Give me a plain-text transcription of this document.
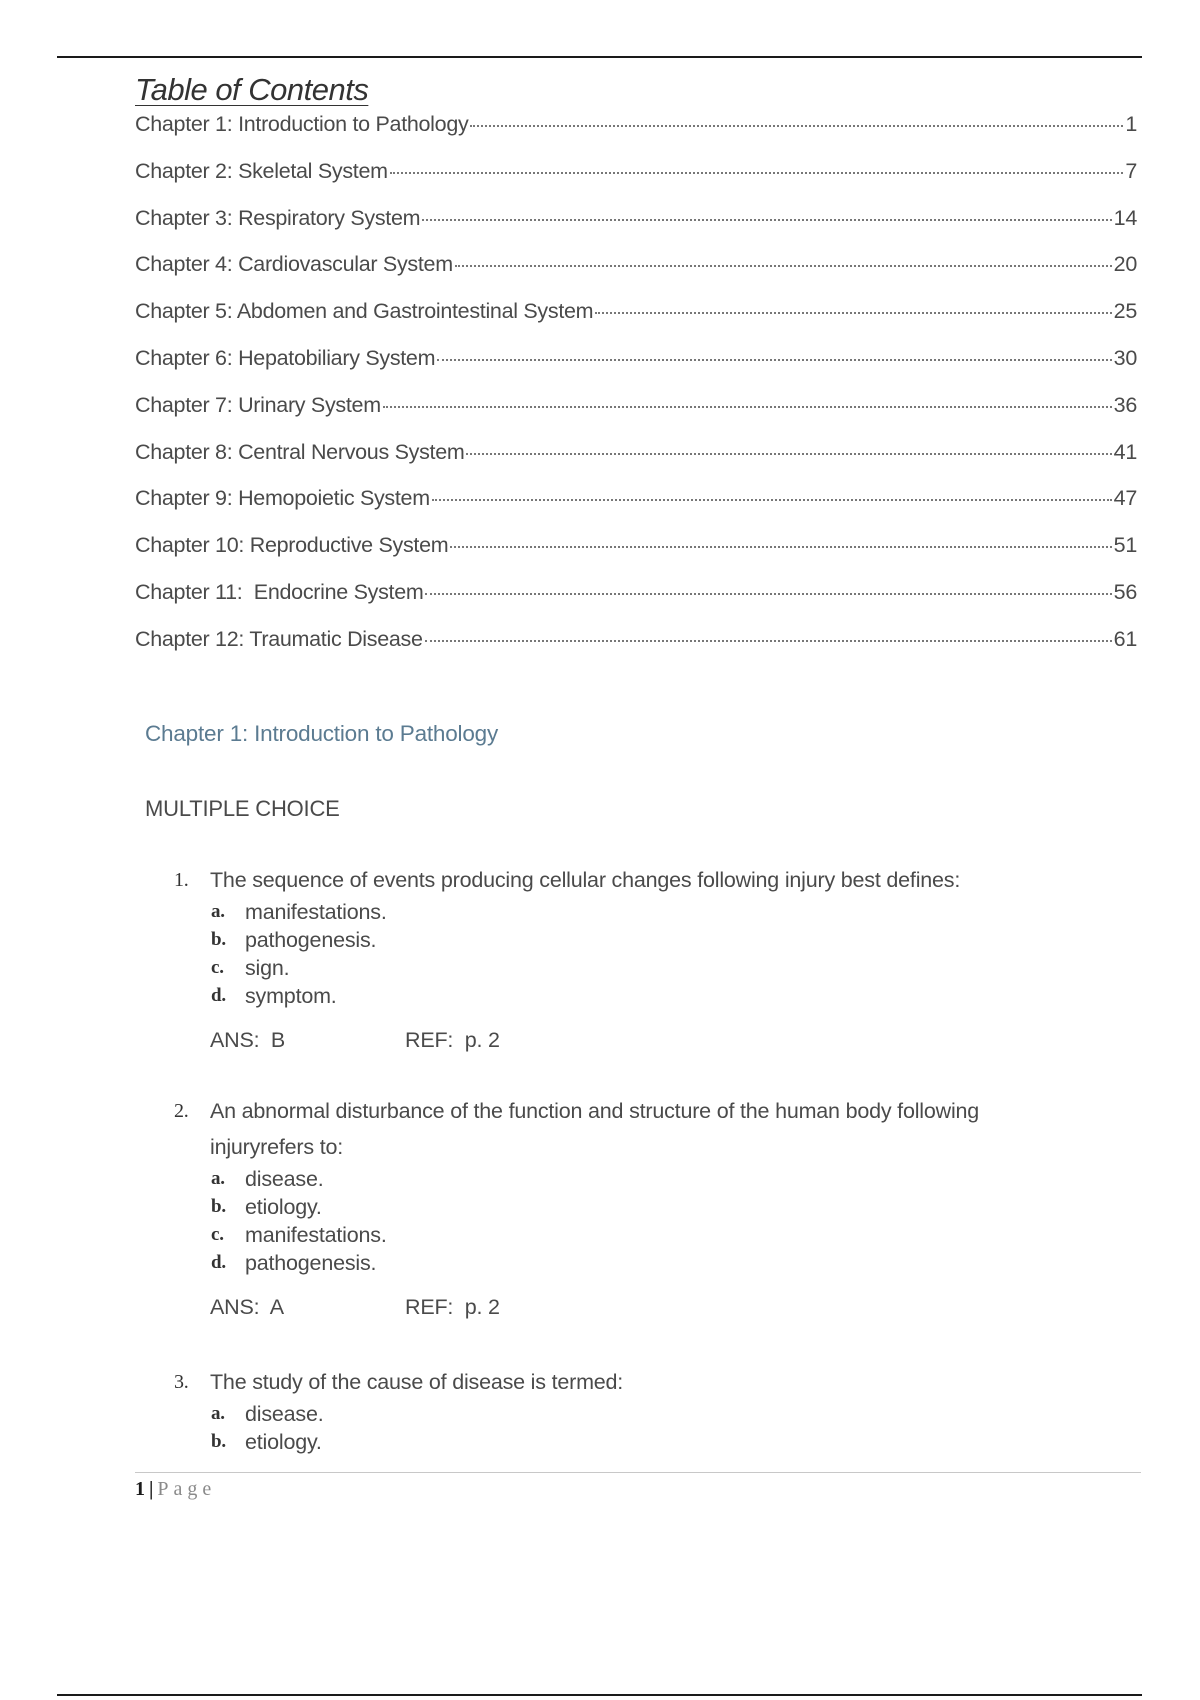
Table of Contents
Chapter 1: Introduction to Pathology	1
Chapter 2: Skeletal System	7
Chapter 3: Respiratory System	14
Chapter 4: Cardiovascular System	20
Chapter 5: Abdomen and Gastrointestinal System	25
Chapter 6: Hepatobiliary System	30
Chapter 7: Urinary System	36
Chapter 8: Central Nervous System	41
Chapter 9: Hemopoietic System	47
Chapter 10: Reproductive System	51
Chapter 11:  Endocrine System	56
Chapter 12: Traumatic Disease	61
Chapter 1: Introduction to Pathology
MULTIPLE CHOICE
1. The sequence of events producing cellular changes following injury best defines:
a. manifestations.
b. pathogenesis.
c. sign.
d. symptom.
ANS:  B	REF:  p. 2
2. An abnormal disturbance of the function and structure of the human body following injuryrefers to:
a. disease.
b. etiology.
c. manifestations.
d. pathogenesis.
ANS:  A	REF:  p. 2
3. The study of the cause of disease is termed:
a. disease.
b. etiology.
1 | Page
